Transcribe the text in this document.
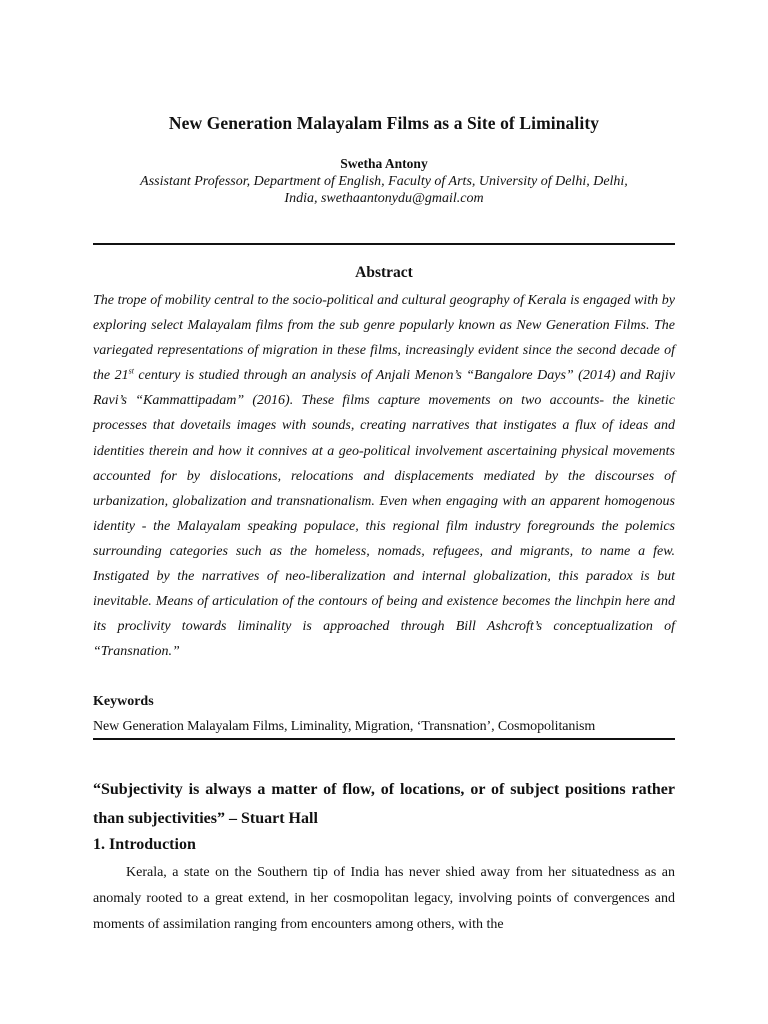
New Generation Malayalam Films as a Site of Liminality
Swetha Antony
Assistant Professor, Department of English, Faculty of Arts, University of Delhi, Delhi,
India, swethaantonydu@gmail.com
Abstract

The trope of mobility central to the socio-political and cultural geography of Kerala is engaged with by exploring select Malayalam films from the sub genre popularly known as New Generation Films. The variegated representations of migration in these films, increasingly evident since the second decade of the 21st century is studied through an analysis of Anjali Menon’s “Bangalore Days” (2014) and Rajiv Ravi’s “Kammattipadam” (2016). These films capture movements on two accounts- the kinetic processes that dovetails images with sounds, creating narratives that instigates a flux of ideas and identities therein and how it connives at a geo-political involvement ascertaining physical movements accounted for by dislocations, relocations and displacements mediated by the discourses of urbanization, globalization and transnationalism. Even when engaging with an apparent homogenous identity - the Malayalam speaking populace, this regional film industry foregrounds the polemics surrounding categories such as the homeless, nomads, refugees, and migrants, to name a few. Instigated by the narratives of neo-liberalization and internal globalization, this paradox is but inevitable. Means of articulation of the contours of being and existence becomes the linchpin here and its proclivity towards liminality is approached through Bill Ashcroft’s conceptualization of “Transnation.”

Keywords
New Generation Malayalam Films, Liminality, Migration, ‘Transnation’, Cosmopolitanism

“Subjectivity is always a matter of flow, of locations, or of subject positions rather than subjectivities” – Stuart Hall

1. Introduction

Kerala, a state on the Southern tip of India has never shied away from her situatedness as an anomaly rooted to a great extend, in her cosmopolitan legacy, involving points of convergences and moments of assimilation ranging from encounters among others, with the
